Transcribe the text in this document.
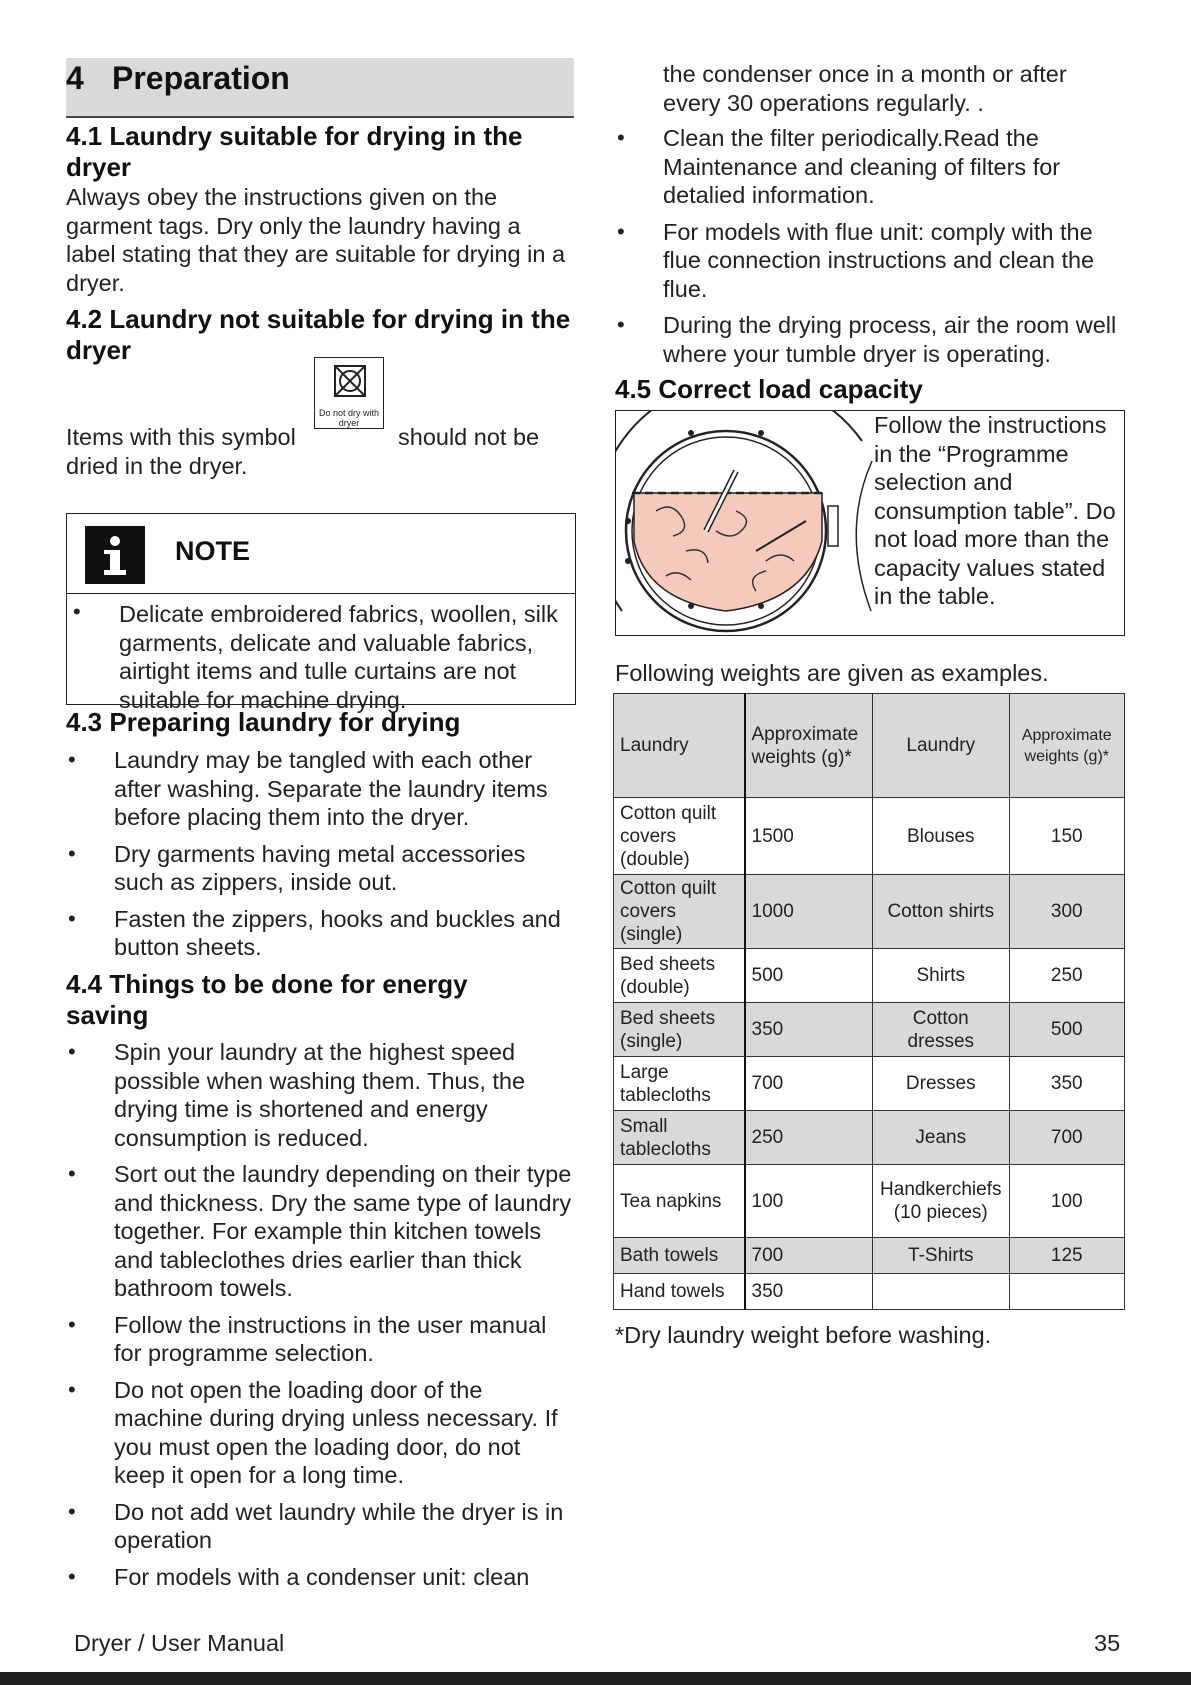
4 Preparation
4.1 Laundry suitable for drying in the dryer

Always obey the instructions given on the garment tags. Dry only the laundry having a label stating that they are suitable for drying in a dryer.

4.2 Laundry not suitable for drying in the dryer
Do not dry with dryer

Items with this symbol	should not be dried in the dryer.

NOTE
• Delicate embroidered fabrics, woollen, silk garments, delicate and valuable fabrics, airtight items and tulle curtains are not suitable for machine drying.
4.3 Preparing laundry for drying
• Laundry may be tangled with each other after washing. Separate the laundry items before placing them into the dryer.
• Dry garments having metal accessories such as zippers, inside out.
• Fasten the zippers, hooks and buckles and button sheets.
4.4 Things to be done for energy saving
• Spin your laundry at the highest speed possible when washing them. Thus, the drying time is shortened and energy consumption is reduced.
• Sort out the laundry depending on their type and thickness. Dry the same type of laundry together. For example thin kitchen towels and tableclothes dries earlier than thick bathroom towels.
• Follow the instructions in the user manual for programme selection.
• Do not open the loading door of the machine during drying unless necessary. If you must open the loading door, do not keep it open for a long time.
• Do not add wet laundry while the dryer is in operation
• For models with a condenser unit: clean

the condenser once in a month or after every 30 operations regularly. .

• Clean the filter periodically.Read the Maintenance and cleaning of filters for detalied information.
• For models with flue unit: comply with the flue connection instructions and clean the flue.
• During the drying process, air the room well where your tumble dryer is operating.
4.5 Correct load capacity
Follow the instructions in the “Programme selection and consumption table”. Do not load more than the capacity values stated in the table.

Following weights are given as examples.

Laundry	Approximate weights (g)*	Laundry	Approximate weights (g)*
Cotton quilt covers (double)	1500	Blouses	150
Cotton quilt covers (single)	1000	Cotton shirts	300
Bed sheets (double)	500	Shirts	250
Bed sheets (single)	350	Cotton dresses	500
Large tablecloths	700	Dresses	350
Small tablecloths	250	Jeans	700
Tea napkins	100	Handkerchiefs (10 pieces)	100
Bath towels	700	T-Shirts	125
Hand towels	350		

*Dry laundry weight before washing.

Dryer / User Manual	35
